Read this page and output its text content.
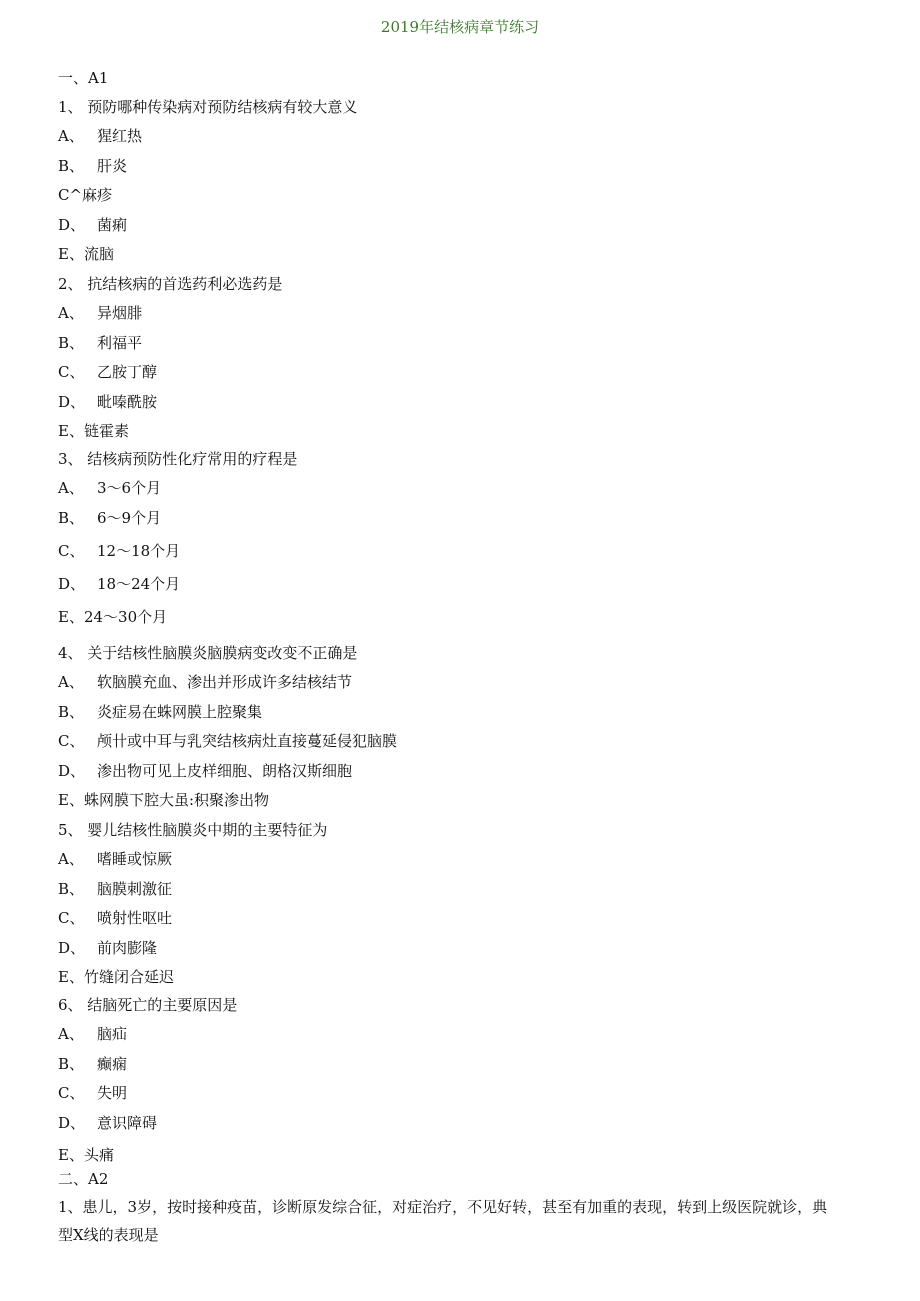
2019年结核病章节练习
一、A1
1、 预防哪种传染病对预防结核病有较大意义
A、 猩红热
B、 肝炎
C^麻疹
D、 菌痢
E、流脑
2、 抗结核病的首选药利必选药是
A、 异烟腓
B、 利福平
C、 乙胺丁醇
D、 毗嗪酰胺
E、链霍素
3、 结核病预防性化疗常用的疗程是
A、 3～6个月
B、 6～9个月
C、 12～18个月
D、 18～24个月
E、24～30个月
4、 关于结核性脑膜炎脑膜病变改变不正确是
A、 软脑膜充血、渗出并形成许多结核结节
B、 炎症易在蛛网膜上腔聚集
C、 颅卄或中耳与乳突结核病灶直接蔓延侵犯脑膜
D、 渗出物可见上皮样细胞、朗格汉斯细胞
E、蛛网膜下腔大虽:积聚渗出物
5、 婴儿结核性脑膜炎中期的主要特征为
A、 嗜睡或惊厥
B、 脑膜刺激征
C、 喷射性呕吐
D、 前肉膨隆
E、竹缝闭合延迟
6、 结脑死亡的主要原因是
A、 脑疝
B、 癫痫
C、 失明
D、 意识障碍
E、头痛
二、A2
1、患儿，3岁，按时接种疫苗，诊断原发综合征，对症治疗，不见好转，甚至有加重的表现，转到上级医院就诊，典型X线的表现是
